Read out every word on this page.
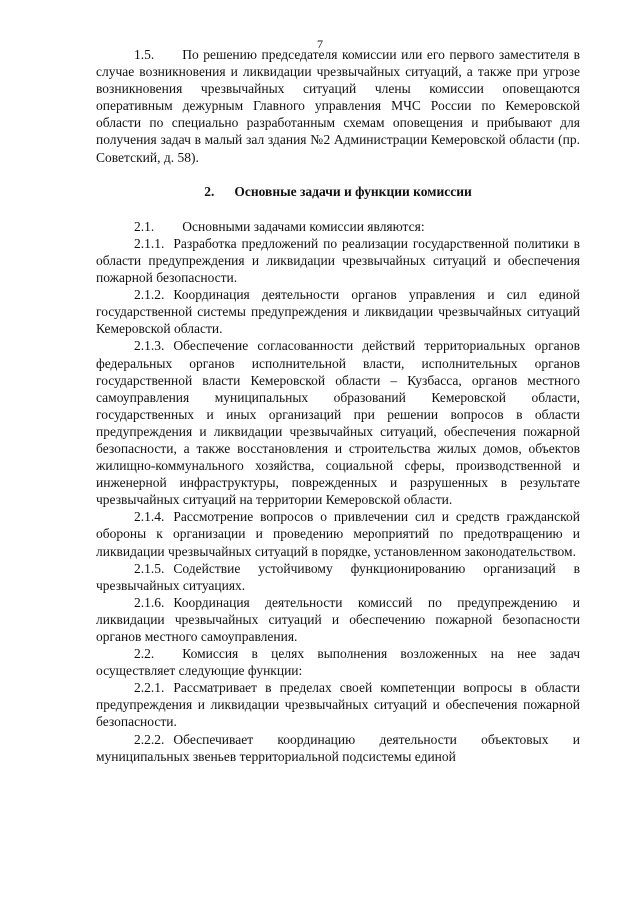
7

1.5. По решению председателя комиссии или его первого заместителя в случае возникновения и ликвидации чрезвычайных ситуаций, а также при угрозе возникновения чрезвычайных ситуаций члены комиссии оповещаются оперативным дежурным Главного управления МЧС России по Кемеровской области по специально разработанным схемам оповещения и прибывают для получения задач в малый зал здания №2 Администрации Кемеровской области (пр. Советский, д. 58).

2. Основные задачи и функции комиссии

2.1. Основными задачами комиссии являются:

2.1.1. Разработка предложений по реализации государственной политики в области предупреждения и ликвидации чрезвычайных ситуаций и обеспечения пожарной безопасности.

2.1.2. Координация деятельности органов управления и сил единой государственной системы предупреждения и ликвидации чрезвычайных ситуаций Кемеровской области.

2.1.3. Обеспечение согласованности действий территориальных органов федеральных органов исполнительной власти, исполнительных органов государственной власти Кемеровской области – Кузбасса, органов местного самоуправления муниципальных образований Кемеровской области, государственных и иных организаций при решении вопросов в области предупреждения и ликвидации чрезвычайных ситуаций, обеспечения пожарной безопасности, а также восстановления и строительства жилых домов, объектов жилищно-коммунального хозяйства, социальной сферы, производственной и инженерной инфраструктуры, поврежденных и разрушенных в результате чрезвычайных ситуаций на территории Кемеровской области.

2.1.4. Рассмотрение вопросов о привлечении сил и средств гражданской обороны к организации и проведению мероприятий по предотвращению и ликвидации чрезвычайных ситуаций в порядке, установленном законодательством.

2.1.5. Содействие устойчивому функционированию организаций в чрезвычайных ситуациях.

2.1.6. Координация деятельности комиссий по предупреждению и ликвидации чрезвычайных ситуаций и обеспечению пожарной безопасности органов местного самоуправления.

2.2. Комиссия в целях выполнения возложенных на нее задач осуществляет следующие функции:

2.2.1. Рассматривает в пределах своей компетенции вопросы в области предупреждения и ликвидации чрезвычайных ситуаций и обеспечения пожарной безопасности.

2.2.2. Обеспечивает координацию деятельности объектовых и муниципальных звеньев территориальной подсистемы единой
